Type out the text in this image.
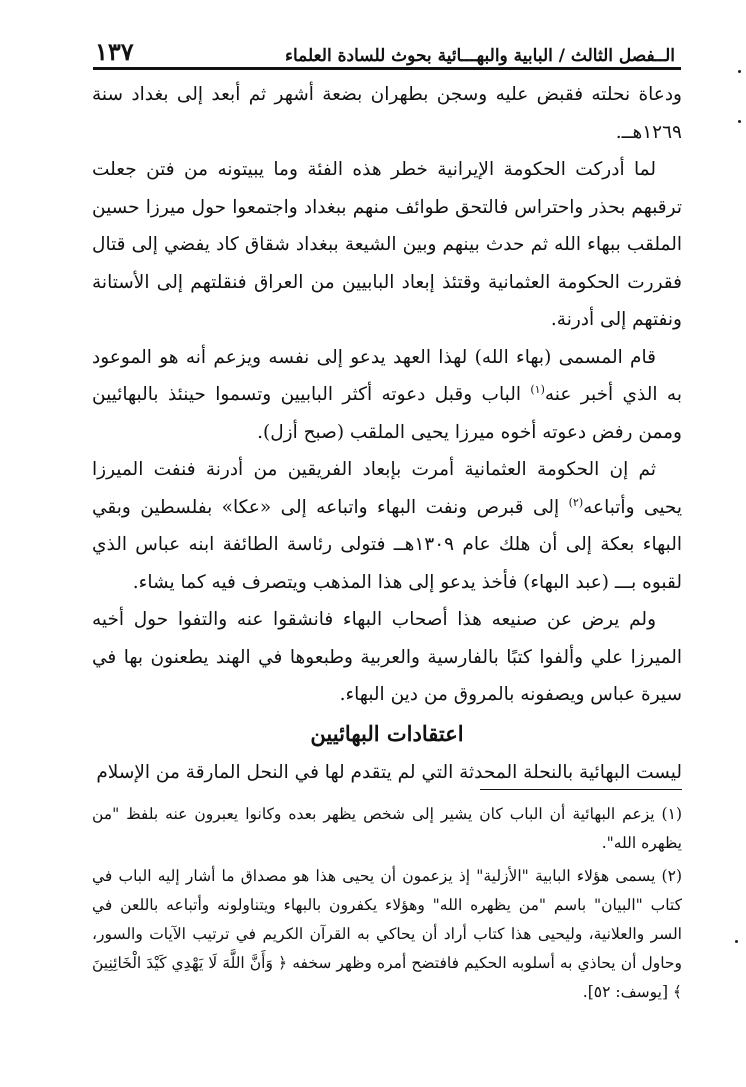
الــفصل الثالث / البابية والبهـــائية بحوث للسادة العلماء
١٣٧

ودعاة نحلته فقبض عليه وسجن بطهران بضعة أشهر ثم أبعد إلى بغداد سنة ١٢٦٩هــ.

لما أدركت الحكومة الإيرانية خطر هذه الفئة وما يبيتونه من فتن جعلت ترقبهم بحذر واحتراس فالتحق طوائف منهم ببغداد واجتمعوا حول ميرزا حسين الملقب ببهاء الله ثم حدث بينهم وبين الشيعة ببغداد شقاق كاد يفضي إلى قتال فقررت الحكومة العثمانية وقتئذ إبعاد البابيين من العراق فنقلتهم إلى الأستانة ونفتهم إلى أدرنة.

قام المسمى (بهاء الله) لهذا العهد يدعو إلى نفسه ويزعم أنه هو الموعود به الذي أخبر عنه$^{(١)}$ الباب وقبل دعوته أكثر البابيين وتسموا حينئذ بالبهائيين وممن رفض دعوته أخوه ميرزا يحيى الملقب (صبح أزل).

ثم إن الحكومة العثمانية أمرت بإبعاد الفريقين من أدرنة فنفت الميرزا يحيى وأتباعه$^{(٢)}$ إلى قبرص ونفت البهاء واتباعه إلى «عكا» بفلسطين وبقي البهاء بعكة إلى أن هلك عام ١٣٠٩هــ فتولى رئاسة الطائفة ابنه عباس الذي لقبوه بـــ (عبد البهاء) فأخذ يدعو إلى هذا المذهب ويتصرف فيه كما يشاء.

ولم يرض عن صنيعه هذا أصحاب البهاء فانشقوا عنه والتفوا حول أخيه الميرزا علي وألفوا كتبًا بالفارسية والعربية وطبعوها في الهند يطعنون بها في سيرة عباس ويصفونه بالمروق من دين البهاء.

اعتقادات البهائيين

ليست البهائية بالنحلة المحدثة التي لم يتقدم لها في النحل المارقة من الإسلام

(١) يزعم البهائية أن الباب كان يشير إلى شخص يظهر بعده وكانوا يعبرون عنه بلفظ "من يظهره الله".

(٢) يسمى هؤلاء البابية "الأزلية" إذ يزعمون أن يحيى هذا هو مصداق ما أشار إليه الباب في كتاب "البيان" باسم "من يظهره الله" وهؤلاء يكفرون بالبهاء ويتناولونه وأتباعه باللعن في السر والعلانية، وليحيى هذا كتاب أراد أن يحاكي به القرآن الكريم في ترتيب الآيات والسور، وحاول أن يحاذي به أسلوبه الحكيم فافتضح أمره وظهر سخفه ﴿ وَأَنَّ اللَّهَ لَا يَهْدِي كَيْدَ الْخَائِنِينَ ﴾ [يوسف: ٥٢].
